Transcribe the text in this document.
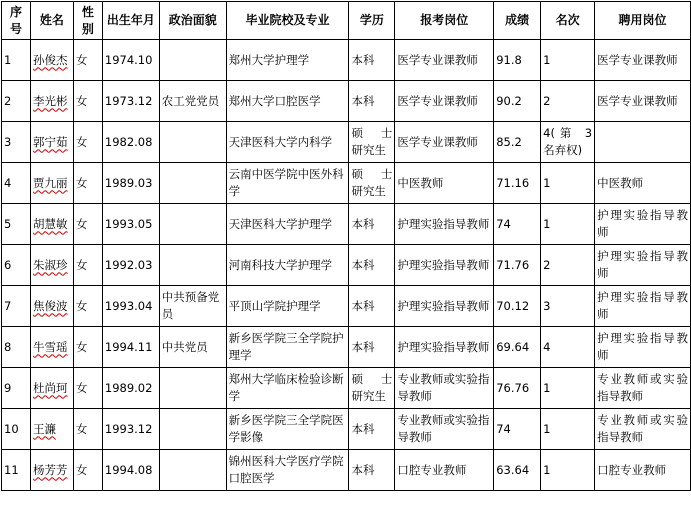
序号	姓名	性别	出生年月	政治面貌	毕业院校及专业	学历	报考岗位	成绩	名次	聘用岗位
1	孙俊杰	女	1974.10		郑州大学护理学	本科	医学专业课教师	91.8	1	医学专业课教师
2	李光彬	女	1973.12	农工党党员	郑州大学口腔医学	本科	医学专业课教师	90.2	2	医学专业课教师
3	郭宁茹	女	1982.08		天津医科大学内科学	硕 士 研究生	医学专业课教师	85.2	4(第 3 名弃权)	
4	贾九丽	女	1989.03		云南中医学院中医外科学	硕 士 研究生	中医教师	71.16	1	中医教师
5	胡慧敏	女	1993.05		天津医科大学护理学	本科	护理实验指导教师	74	1	护理实验指导教师
6	朱淑珍	女	1992.03		河南科技大学护理学	本科	护理实验指导教师	71.76	2	护理实验指导教师
7	焦俊波	女	1993.04	中共预备党员	平顶山学院护理学	本科	护理实验指导教师	70.12	3	护理实验指导教师
8	牛雪瑶	女	1994.11	中共党员	新乡医学院三全学院护理学	本科	护理实验指导教师	69.64	4	护理实验指导教师
9	杜尚珂	女	1989.02		郑州大学临床检验诊断学	硕 士 研究生	专业教师或实验指导教师	76.76	1	专业教师或实验指导教师
10	王濂	女	1993.12		新乡医学院三全学院医学影像	本科	专业教师或实验指导教师	74	1	专业教师或实验指导教师
11	杨芳芳	女	1994.08		锦州医科大学医疗学院口腔医学	本科	口腔专业教师	63.64	1	口腔专业教师
